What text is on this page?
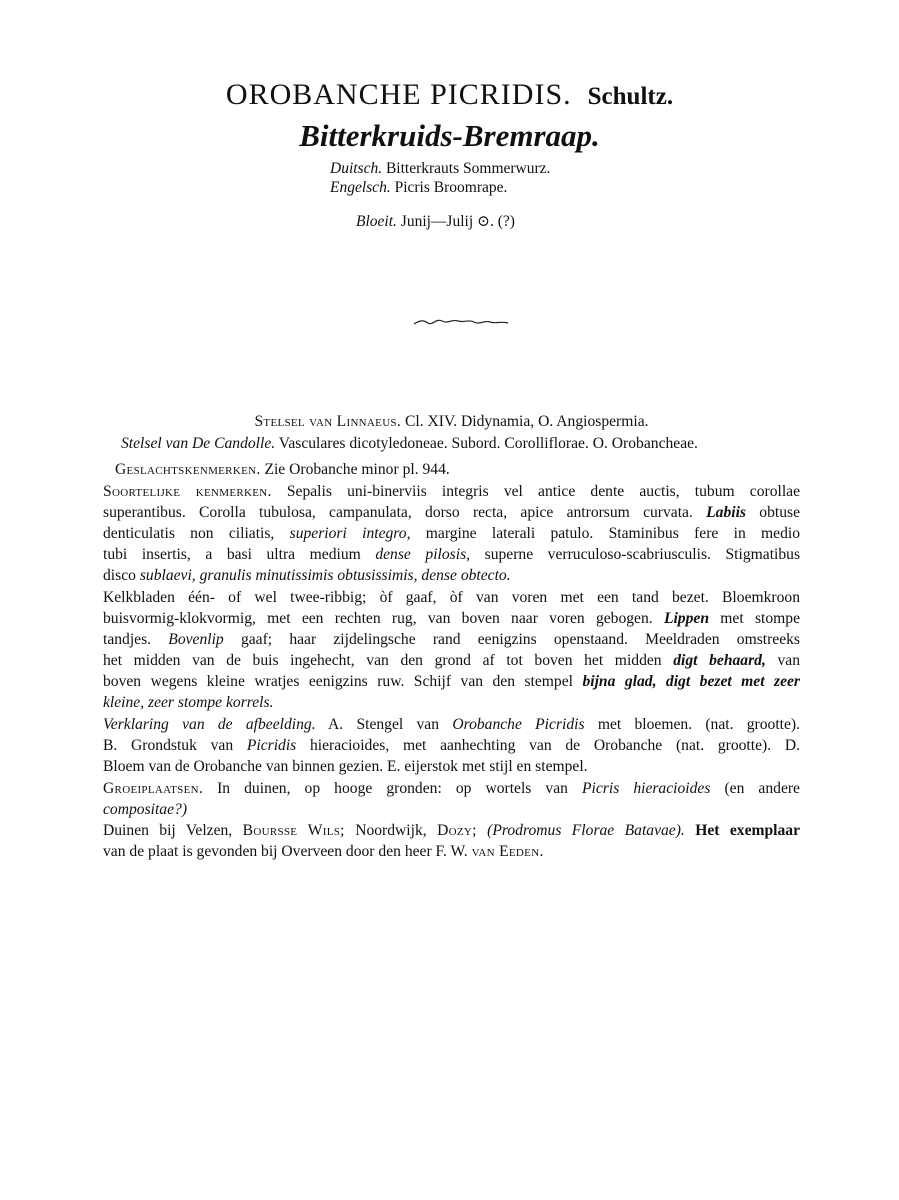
OROBANCHE PICRIDIS. Schultz.
Bitterkruids-Bremraap.
Duitsch. Bitterkrauts Sommerwurz.
Engelsch. Picris Broomrape.
Bloeit. Junij—Julij ⊙. (?)
Stelsel van Linnaeus. Cl. XIV. Didynamia, O. Angiospermia.
Stelsel van De Candolle. Vasculares dicotyledoneae. Subord. Corolliflorae. O. Orobancheae.
Geslachtskenmerken. Zie Orobanche minor pl. 944.
Soortelijke kenmerken. Sepalis uni-binerviis integris vel antice dente auctis, tubum corollae
superantibus. Corolla tubulosa, campanulata, dorso recta, apice antrorsum curvata. Labiis obtuse
denticulatis non ciliatis, superiori integro, margine laterali patulo. Staminibus fere in medio
tubi insertis, a basi ultra medium dense pilosis, superne verruculoso-scabriusculis. Stigmatibus
disco sublaevi, granulis minutissimis obtusissimis, dense obtecto.
Kelkbladen één- of wel twee-ribbig; òf gaaf, òf van voren met een tand bezet. Bloemkroon
buisvormig-klokvormig, met een rechten rug, van boven naar voren gebogen. Lippen met stompe
tandjes. Bovenlip gaaf; haar zijdelingsche rand eenigzins openstaand. Meeldraden omstreeks
het midden van de buis ingehecht, van den grond af tot boven het midden digt behaard, van
boven wegens kleine wratjes eenigzins ruw. Schijf van den stempel bijna glad, digt bezet met zeer
kleine, zeer stompe korrels.
Verklaring van de afbeelding. A. Stengel van Orobanche Picridis met bloemen. (nat. grootte).
B. Grondstuk van Picridis hieracioides, met aanhechting van de Orobanche (nat. grootte). D.
Bloem van de Orobanche van binnen gezien. E. eijerstok met stijl en stempel.
Groeiplaatsen. In duinen, op hooge gronden: op wortels van Picris hieracioides (en andere
compositae?)
Duinen bij Velzen, Boursse Wils; Noordwijk, Dozy; (Prodromus Florae Batavae). Het exemplaar
van de plaat is gevonden bij Overveen door den heer F. W. van Eeden.
